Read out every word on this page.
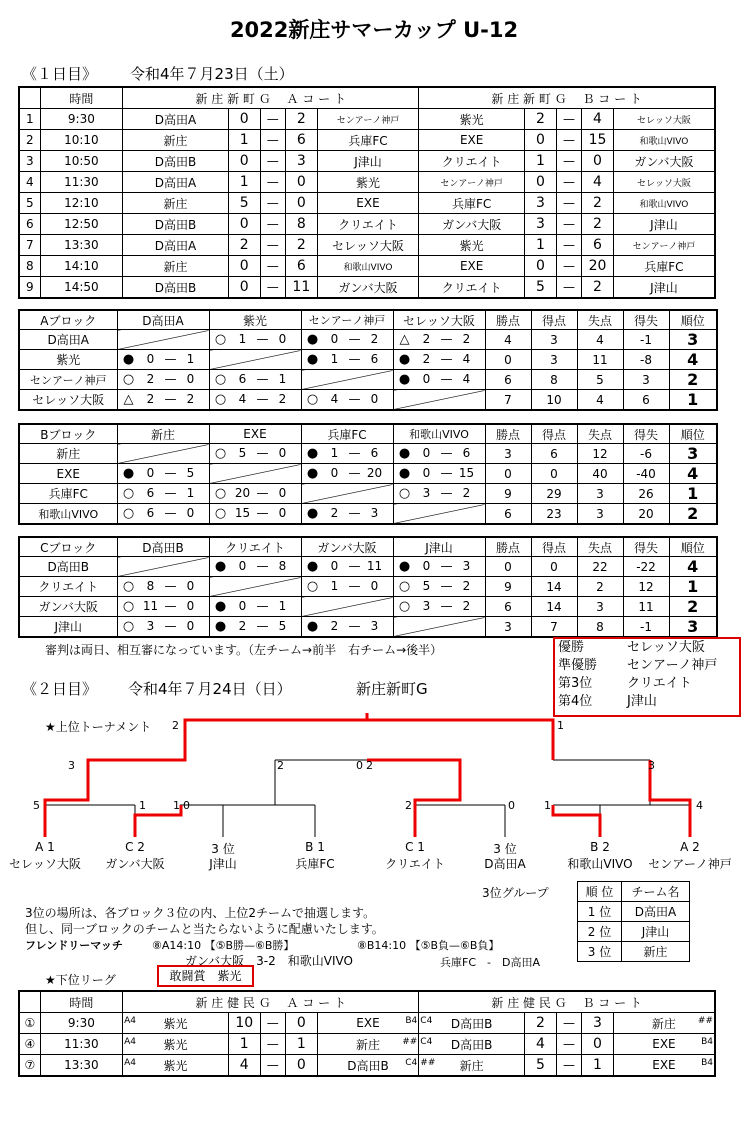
2022新庄サマーカップ U-12
《１日目》 令和4年７月23日（土）
	時間	新 庄 新 町 Ｇ 　Ａ コ ー ト					新 庄 新 町 Ｇ 　Ｂ コ ー ト				
1	9:30	D高田A	0	—	2	センアーノ神戸	紫光	2	—	4	セレッソ大阪
2	10:10	新庄	1	—	6	兵庫FC	EXE	0	—	15	和歌山VIVO
3	10:50	D高田B	0	—	3	J津山	クリエイト	1	—	0	ガンバ大阪
4	11:30	D高田A	1	—	0	紫光	センアーノ神戸	0	—	4	セレッソ大阪
5	12:10	新庄	5	—	0	EXE	兵庫FC	3	—	2	和歌山VIVO
6	12:50	D高田B	0	—	8	クリエイト	ガンバ大阪	3	—	2	J津山
7	13:30	D高田A	2	—	2	セレッソ大阪	紫光	1	—	6	センアーノ神戸
8	14:10	新庄	0	—	6	和歌山VIVO	EXE	0	—	20	兵庫FC
9	14:50	D高田B	0	—	11	ガンバ大阪	クリエイト	5	—	2	J津山
Aブロック	D高田A	紫光	センアーノ神戸	セレッソ大阪	勝点	得点	失点	得失	順位
D高田A		○ 1 — 0	● 0 — 2	△ 2 — 2	4	3	4	-1	3
紫光	● 0 — 1		● 1 — 6	● 2 — 4	0	3	11	-8	4
センアーノ神戸	○ 2 — 0	○ 6 — 1		● 0 — 4	6	8	5	3	2
セレッソ大阪	△ 2 — 2	○ 4 — 2	○ 4 — 0		7	10	4	6	1
Bブロック	新庄	EXE	兵庫FC	和歌山VIVO	勝点	得点	失点	得失	順位
新庄		○ 5 — 0	● 1 — 6	● 0 — 6	3	6	12	-6	3
EXE	● 0 — 5		● 0 — 20	● 0 — 15	0	0	40	-40	4
兵庫FC	○ 6 — 1	○ 20 — 0		○ 3 — 2	9	29	3	26	1
和歌山VIVO	○ 6 — 0	○ 15 — 0	● 2 — 3		6	23	3	20	2
Cブロック	D高田B	クリエイト	ガンバ大阪	J津山	勝点	得点	失点	得失	順位
D高田B		● 0 — 8	● 0 — 11	● 0 — 3	0	0	22	-22	4
クリエイト	○ 8 — 0		○ 1 — 0	○ 5 — 2	9	14	2	12	1
ガンバ大阪	○ 11 — 0	● 0 — 1		○ 3 — 2	6	14	3	11	2
J津山	○ 3 — 0	● 2 — 5	● 2 — 3		3	7	8	-1	3
審判は両日、相互審になっています。（左チーム→前半　右チーム→後半）	優勝	セレッソ大阪
準優勝 センアーノ神戸
第3位	クリエイト
第4位	J津山
《２日目》 令和4年７月24日（日）	新庄新町G
★上位トーナメント 2	1
3	2	0 2	3
5	1 1 0	2	0	1	4
A 1
セレッソ大阪
C 2
ガンバ大阪
3 位
J津山
B 1
兵庫FC
C 1
クリエイト
3 位
D高田A
B 2
和歌山VIVO
A 2
センアーノ神戸
3位グループ	順 位	チーム名
1 位	D高田A
2 位	J津山
3 位	新庄
3位の場所は、各ブロック３位の内、上位2チームで抽選します。
但し、同一ブロックのチームと当たらないように配慮いたします。
フレンドリーマッチ	⑧A14:10 【⑤B勝—⑥B勝】	⑧B14:10 【⑤B負—⑥B負】
ガンバ大阪　3-2　和歌山VIVO	兵庫FC　-　D高田A
★下位リーグ	敢闘賞　紫光
	時間	新 庄 健 民 Ｇ 　Ａ コ ー ト					新 庄 健 民 Ｇ 　Ｂ コ ー ト				
①	9:30	A4 紫光	10	—	0	EXE B4	C4 D高田B	2	—	3	新庄 ##

④	11:30	A4 紫光	1	—	1	新庄 ##	C4 D高田B	4	—	0	EXE B4

⑦	13:30	A4 紫光	4	—	0	D高田B C4	## 新庄	5	—	1	EXE B4
